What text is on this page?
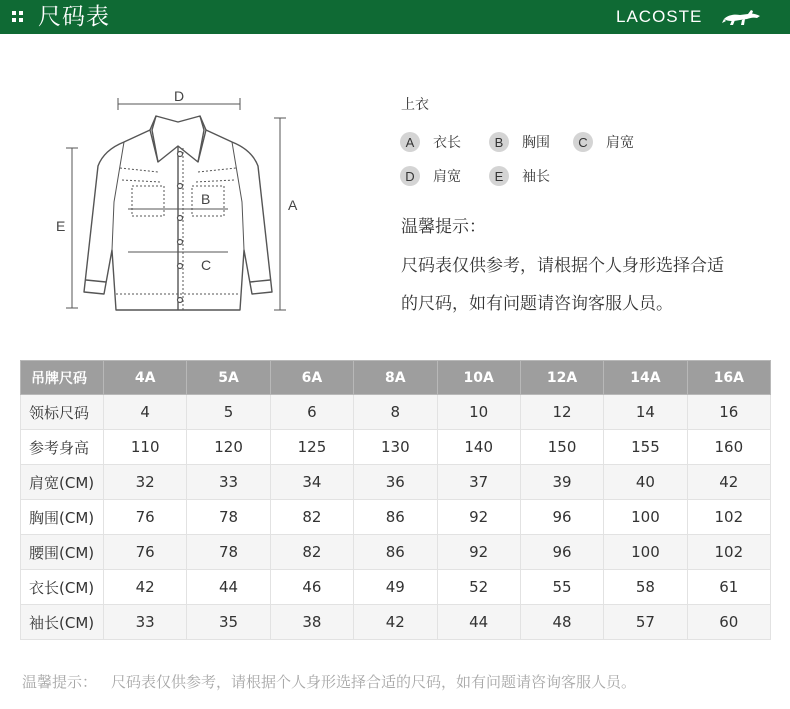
尺码表	LACOSTE
D
A
E
B
C
上衣
A	衣长	B	胸围	C	肩宽
D	肩宽	E	袖长
温馨提示：
尺码表仅供参考，请根据个人身形选择合适
的尺码，如有问题请咨询客服人员。
吊牌尺码	4A	5A	6A	8A	10A	12A	14A	16A
领标尺码	4	5	6	8	10	12	14	16
参考身高	110	120	125	130	140	150	155	160
肩宽(CM)	32	33	34	36	37	39	40	42
胸围(CM)	76	78	82	86	92	96	100	102
腰围(CM)	76	78	82	86	92	96	100	102
衣长(CM)	42	44	46	49	52	55	58	61
袖长(CM)	33	35	38	42	44	48	57	60
温馨提示： 尺码表仅供参考，请根据个人身形选择合适的尺码，如有问题请咨询客服人员。
